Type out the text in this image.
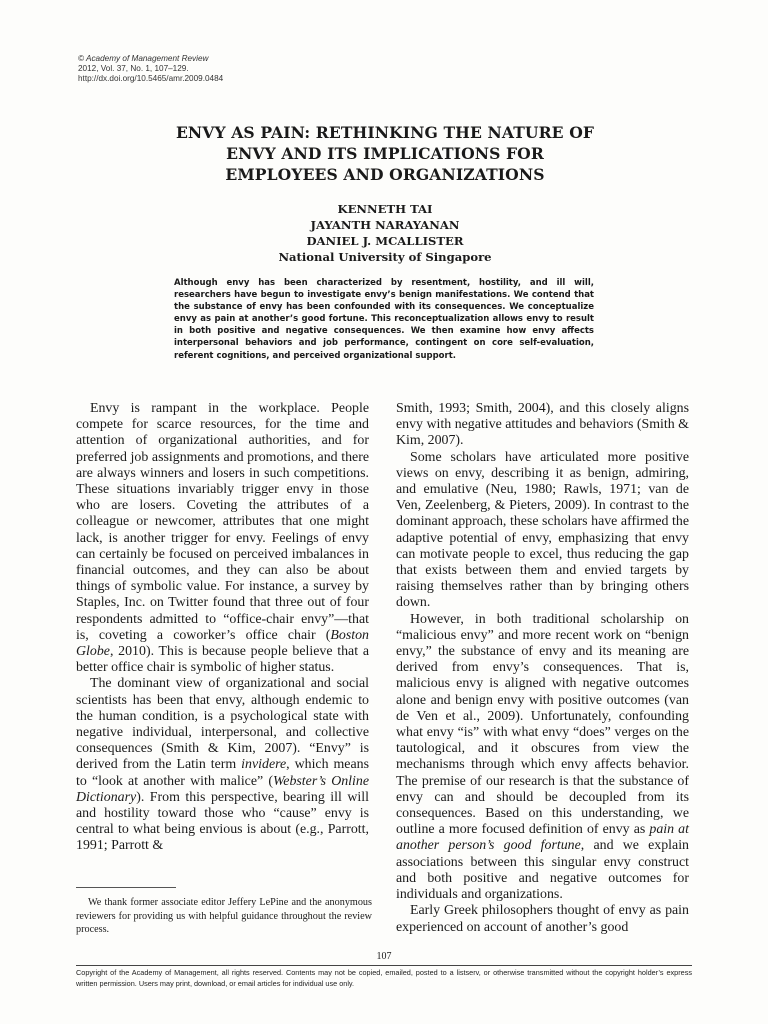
© Academy of Management Review
2012, Vol. 37, No. 1, 107–129.
http://dx.doi.org/10.5465/amr.2009.0484
ENVY AS PAIN: RETHINKING THE NATURE OF
ENVY AND ITS IMPLICATIONS FOR
EMPLOYEES AND ORGANIZATIONS
KENNETH TAI
JAYANTH NARAYANAN
DANIEL J. MCALLISTER
National University of Singapore
Although envy has been characterized by resentment, hostility, and ill will, researchers have begun to investigate envy’s benign manifestations. We contend that the substance of envy has been confounded with its consequences. We conceptualize envy as pain at another’s good fortune. This reconceptualization allows envy to result in both positive and negative consequences. We then examine how envy affects interpersonal behaviors and job performance, contingent on core self-evaluation, referent cognitions, and perceived organizational support.

Envy is rampant in the workplace. People compete for scarce resources, for the time and attention of organizational authorities, and for preferred job assignments and promotions, and there are always winners and losers in such competitions. These situations invariably trigger envy in those who are losers. Coveting the attributes of a colleague or newcomer, attributes that one might lack, is another trigger for envy. Feelings of envy can certainly be focused on perceived imbalances in financial outcomes, and they can also be about things of symbolic value. For instance, a survey by Staples, Inc. on Twitter found that three out of four respondents admitted to “office-chair envy”—that is, coveting a coworker’s office chair (Boston Globe, 2010). This is because people believe that a better office chair is symbolic of higher status.

The dominant view of organizational and social scientists has been that envy, although endemic to the human condition, is a psychological state with negative individual, interpersonal, and collective consequences (Smith & Kim, 2007). “Envy” is derived from the Latin term invidere, which means to “look at another with malice” (Webster’s Online Dictionary). From this perspective, bearing ill will and hostility toward those who “cause” envy is central to what being envious is about (e.g., Parrott, 1991; Parrott &

Smith, 1993; Smith, 2004), and this closely aligns envy with negative attitudes and behaviors (Smith & Kim, 2007).

Some scholars have articulated more positive views on envy, describing it as benign, admiring, and emulative (Neu, 1980; Rawls, 1971; van de Ven, Zeelenberg, & Pieters, 2009). In contrast to the dominant approach, these scholars have affirmed the adaptive potential of envy, emphasizing that envy can motivate people to excel, thus reducing the gap that exists between them and envied targets by raising themselves rather than by bringing others down.

However, in both traditional scholarship on “malicious envy” and more recent work on “benign envy,” the substance of envy and its meaning are derived from envy’s consequences. That is, malicious envy is aligned with negative outcomes alone and benign envy with positive outcomes (van de Ven et al., 2009). Unfortunately, confounding what envy “is” with what envy “does” verges on the tautological, and it obscures from view the mechanisms through which envy affects behavior. The premise of our research is that the substance of envy can and should be decoupled from its consequences. Based on this understanding, we outline a more focused definition of envy as pain at another person’s good fortune, and we explain associations between this singular envy construct and both positive and negative outcomes for individuals and organizations.

Early Greek philosophers thought of envy as pain experienced on account of another’s good

We thank former associate editor Jeffery LePine and the anonymous reviewers for providing us with helpful guidance throughout the review process.

107
Copyright of the Academy of Management, all rights reserved. Contents may not be copied, emailed, posted to a listserv, or otherwise transmitted without the copyright holder’s express written permission. Users may print, download, or email articles for individual use only.
